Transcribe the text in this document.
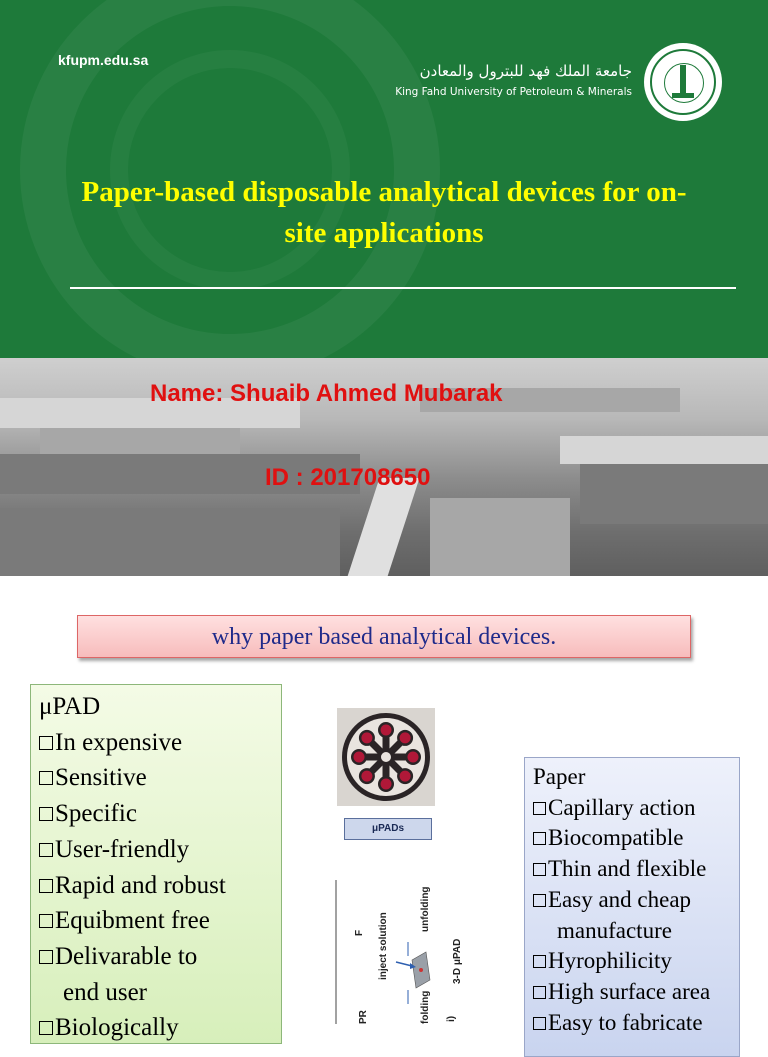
kfupm.edu.sa
جامعة الملك فهد للبترول والمعادن
King Fahd University of Petroleum & Minerals
Paper-based disposable analytical devices for on-
site applications
Name: Shuaib Ahmed Mubarak
ID : 201708650
why paper based analytical devices.
μPAD
In expensive
Sensitive
Specific
User-friendly
Rapid and robust
Equibment free
Delivarable to
end user
Biologically
μPADs
F inject solution
unfolding
3-D μPAD
folding
PR	i)
Paper
Capillary action
Biocompatible
Thin and flexible
Easy and cheap
manufacture
Hyrophilicity
High surface area
Easy to fabricate
